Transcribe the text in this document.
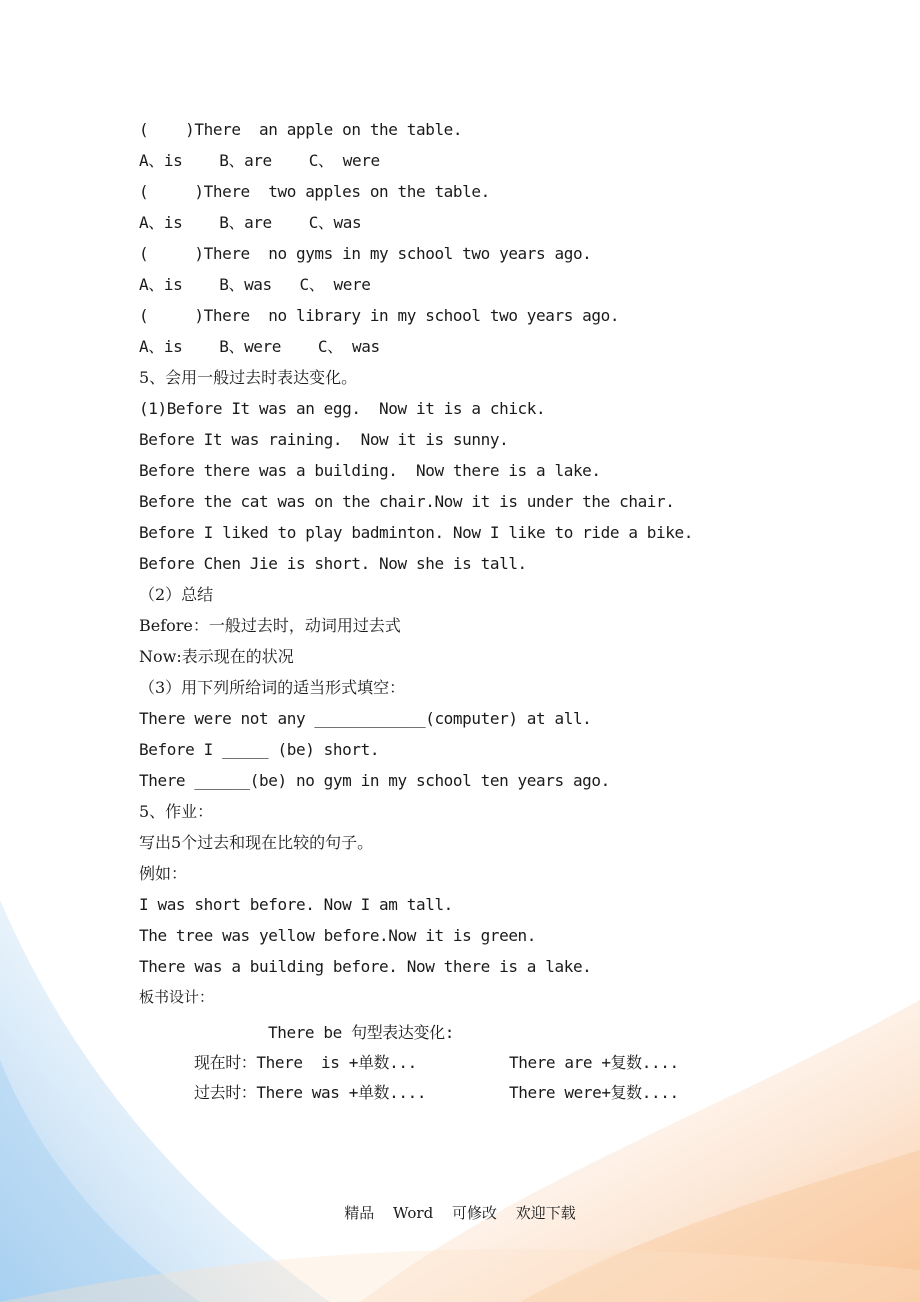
(    )There  an apple on the table.
A、is    B、are    C、 were
(     )There  two apples on the table.
A、is    B、are    C、was
(     )There  no gyms in my school two years ago.
A、is    B、was   C、 were
(     )There  no library in my school two years ago.
A、is    B、were    C、 was
5、会用一般过去时表达变化。
(1)Before It was an egg.  Now it is a chick.
Before It was raining.  Now it is sunny.
Before there was a building.  Now there is a lake.
Before the cat was on the chair.Now it is under the chair.
Before I liked to play badminton. Now I like to ride a bike.
Before Chen Jie is short. Now she is tall.
（2）总结
Before：一般过去时，动词用过去式
Now:表示现在的状况
（3）用下列所给词的适当形式填空：
There were not any ____________(computer) at all.
Before I _____ (be) short.
There ______(be) no gym in my school ten years ago.
5、作业：
写出5个过去和现在比较的句子。
例如：
I was short before. Now I am tall.
The tree was yellow before.Now it is green.
There was a building before. Now there is a lake.
板书设计：
There be 句型表达变化:
现在时：There  is +单数...	There are +复数....
过去时：There was +单数....	There were+复数....
精品 Word 可修改 欢迎下载
